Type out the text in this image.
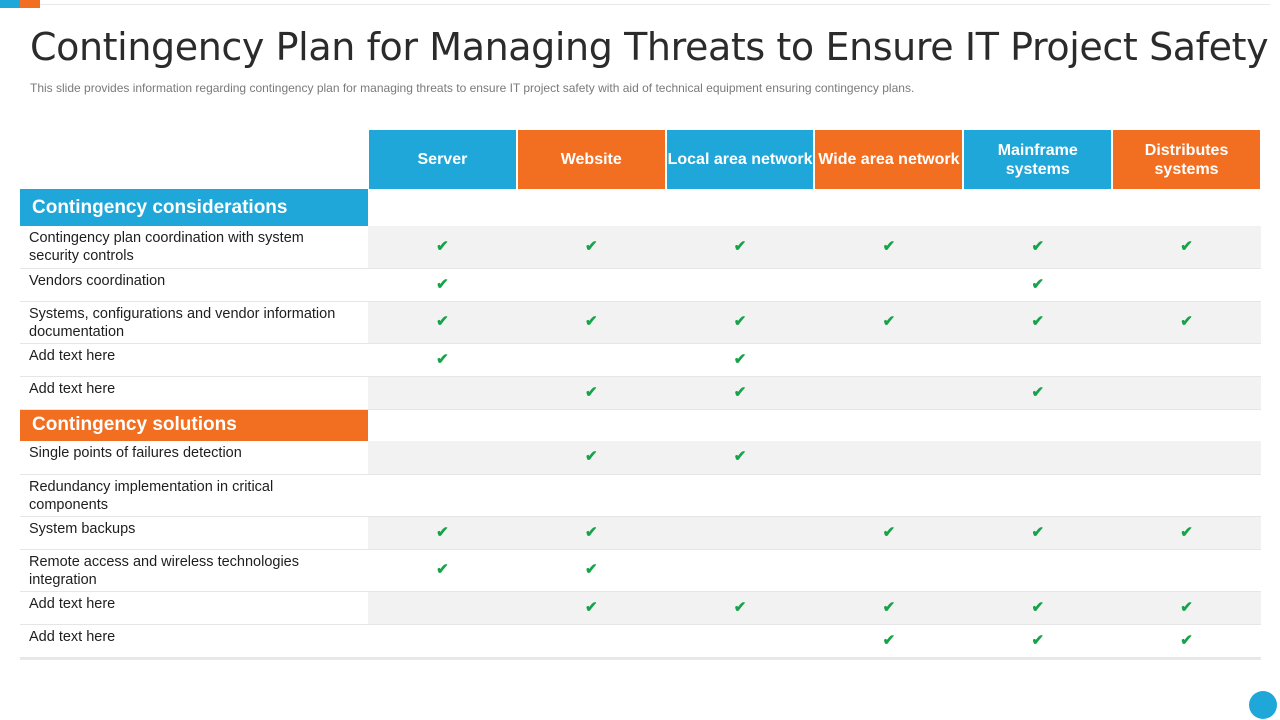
Contingency Plan for Managing Threats to Ensure IT Project Safety
This slide provides information regarding contingency plan for managing threats to ensure IT project safety with aid of technical equipment ensuring contingency plans.
	Server	Website	Local area network	Wide area network	Mainframe systems	Distributes systems
Contingency considerations						
Contingency plan coordination with system security controls	✔	✔	✔	✔	✔	✔
Vendors coordination	✔				✔	
Systems, configurations and vendor information documentation	✔	✔	✔	✔	✔	✔
Add text here	✔		✔			
Add text here		✔	✔		✔	
Contingency solutions						
Single points of failures detection		✔	✔			
Redundancy implementation in critical components						
System backups	✔	✔		✔	✔	✔
Remote access and wireless technologies integration	✔	✔				
Add text here		✔	✔	✔	✔	✔
Add text here				✔	✔	✔
